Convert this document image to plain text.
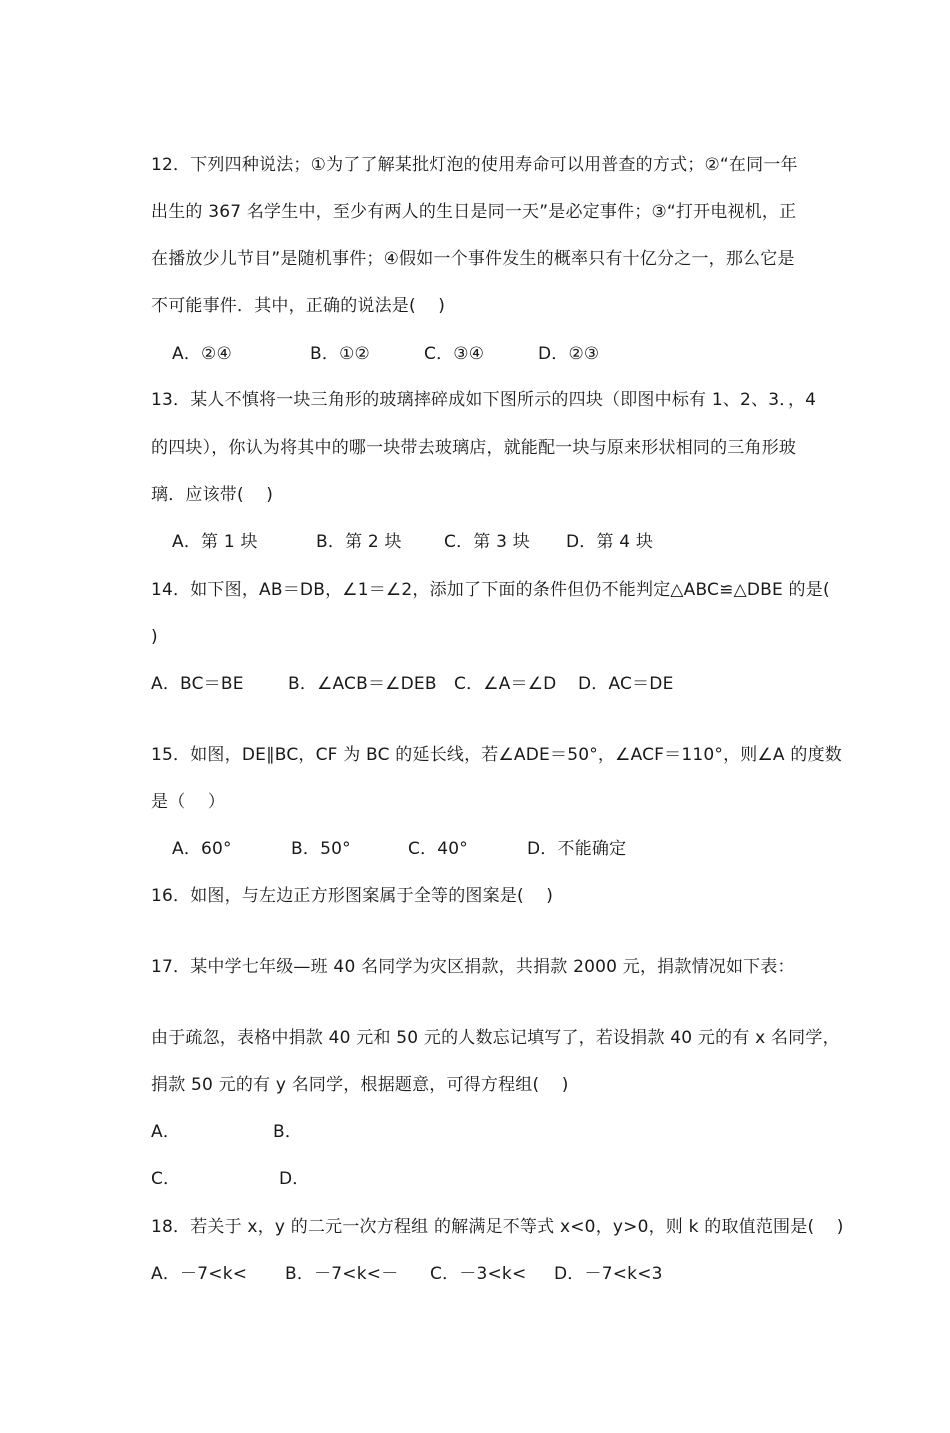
12．下列四种说法；①为了了解某批灯泡的使用寿命可以用普查的方式；②“在同一年
出生的 367 名学生中，至少有两人的生日是同一天”是必定事件；③“打开电视机，正
在播放少儿节目”是随机事件；④假如一个事件发生的概率只有十亿分之一，那么它是
不可能事件．其中，正确的说法是(    )
A．②④	B．①②	C．③④	D．②③
13．某人不慎将一块三角形的玻璃摔碎成如下图所示的四块（即图中标有 1、2、3．，4
的四块），你认为将其中的哪一块带去玻璃店，就能配一块与原来形状相同的三角形玻
璃．应该带(    )
A．第 1 块	B．第 2 块 C．第 3 块 D．第 4 块
14．如下图，AB＝DB，∠1＝∠2，添加了下面的条件但仍不能判定△ABC≌△DBE 的是(
)
A．BC＝BE	B．∠ACB＝∠DEB C．∠A＝∠D D．AC＝DE
15．如图，DE∥BC，CF 为 BC 的延长线，若∠ADE＝50°，∠ACF＝110°，则∠A 的度数
是（    ）
A．60°	B．50°	C．40°	D．不能确定
16．如图，与左边正方形图案属于全等的图案是(    )
17．某中学七年级—班 40 名同学为灾区捐款，共捐款 2000 元，捐款情况如下表：
由于疏忽，表格中捐款 40 元和 50 元的人数忘记填写了，若设捐款 40 元的有 x 名同学，
捐款 50 元的有 y 名同学，根据题意，可得方程组(    )
A．	B．
C．	D．
18．若关于 x，y 的二元一次方程组 的解满足不等式 x<0，y>0，则 k 的取值范围是(    )
A．－7<k< B．－7<k<－ C．－3<k< D．－7<k<3
